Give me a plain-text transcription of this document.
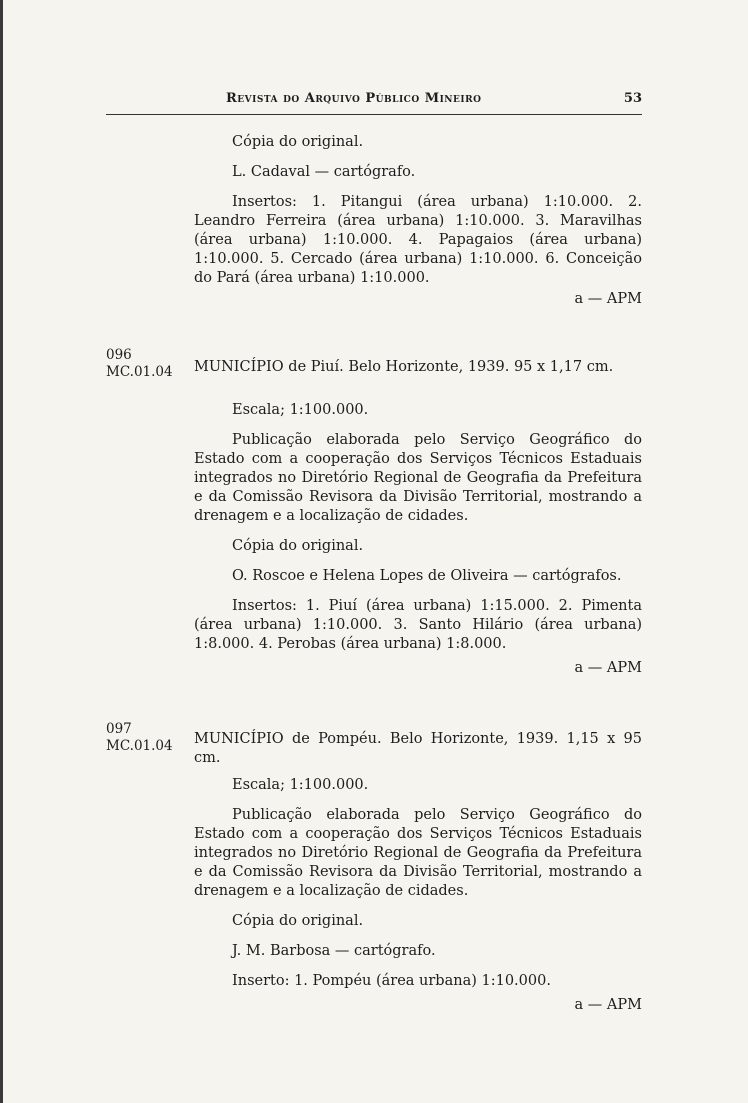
Revista do Arquivo Público Mineiro	53

Cópia do original.

L. Cadaval — cartógrafo.

Insertos: 1. Pitangui (área urbana) 1:10.000. 2. Leandro Ferreira (área urbana) 1:10.000. 3. Maravilhas (área urbana) 1:10.000. 4. Papagaios (área urbana) 1:10.000. 5. Cercado (área urbana) 1:10.000. 6. Conceição do Pará (área urbana) 1:10.000.

a — APM

096
MC.01.04 MUNICÍPIO de Piuí. Belo Horizonte, 1939. 95 x 1,17 cm.

Escala; 1:100.000.

Publicação elaborada pelo Serviço Geográfico do Estado com a cooperação dos Serviços Técnicos Estaduais integrados no Diretório Regional de Geografia da Prefeitura e da Comissão Revisora da Divisão Territorial, mostrando a drenagem e a localização de cidades.

Cópia do original.

O. Roscoe e Helena Lopes de Oliveira — cartógrafos.

Insertos: 1. Piuí (área urbana) 1:15.000. 2. Pimenta (área urbana) 1:10.000. 3. Santo Hilário (área urbana) 1:8.000. 4. Perobas (área urbana) 1:8.000.

a — APM

097
MC.01.04 MUNICÍPIO de Pompéu. Belo Horizonte, 1939. 1,15 x 95 cm.

Escala; 1:100.000.

Publicação elaborada pelo Serviço Geográfico do Estado com a cooperação dos Serviços Técnicos Estaduais integrados no Diretório Regional de Geografia da Prefeitura e da Comissão Revisora da Divisão Territorial, mostrando a drenagem e a localização de cidades.

Cópia do original.

J. M. Barbosa — cartógrafo.

Inserto: 1. Pompéu (área urbana) 1:10.000.

a — APM
